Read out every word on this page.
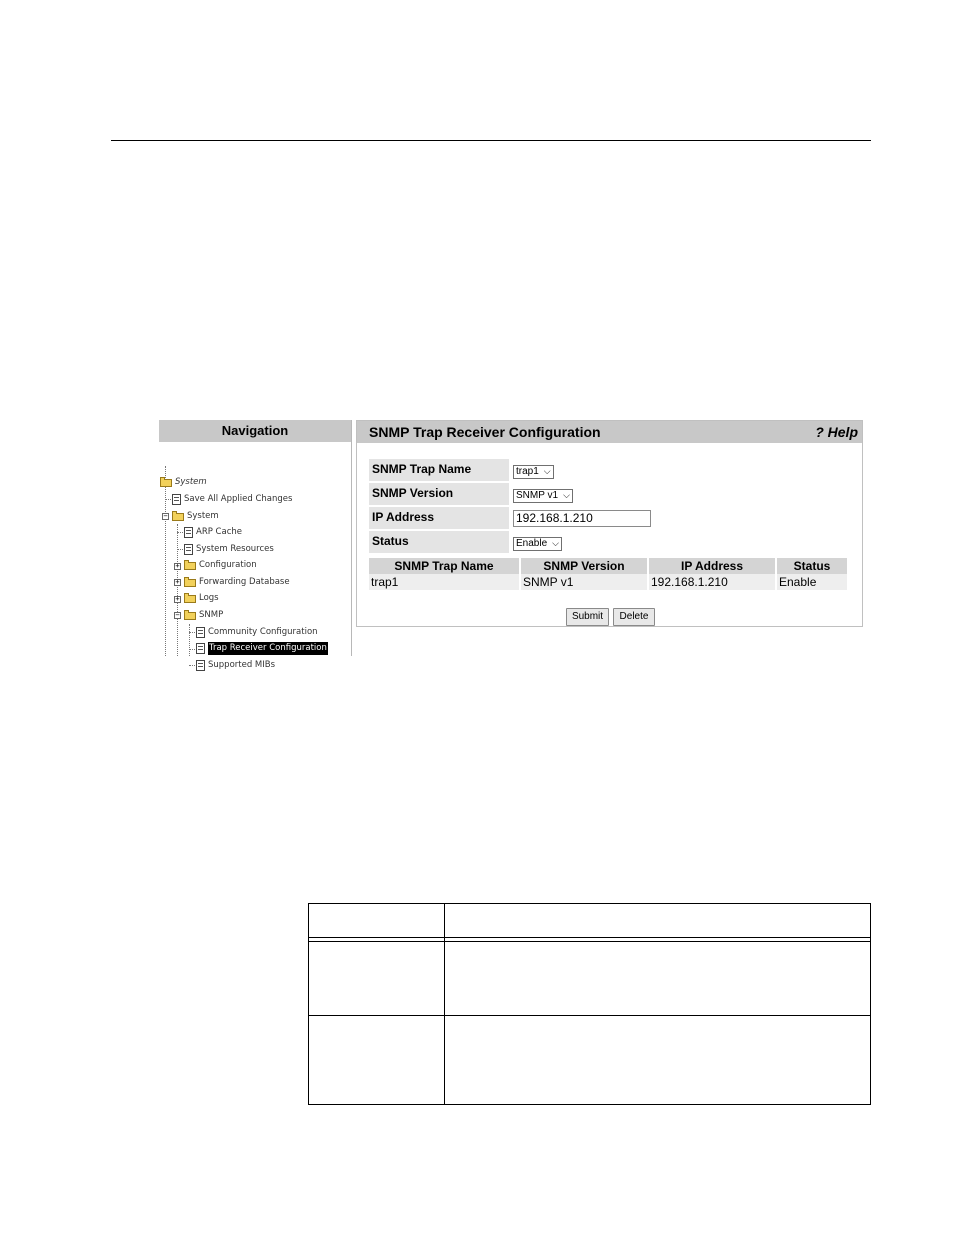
Navigation
−
+
+
+
−
System
Save All Applied Changes
System
ARP Cache
System Resources
Configuration
Forwarding Database
Logs
SNMP
Community Configuration
Trap Receiver Configuration
Supported MIBs
SNMP Trap Receiver Configuration	? Help
SNMP Trap Name	trap1 ⌵
SNMP Version	SNMP v1 ⌵
IP Address	192.168.1.210
Status	Enable ⌵
SNMP Trap Name	SNMP Version	IP Address	Status
trap1	SNMP v1	192.168.1.210	Enable
Submit	Delete
